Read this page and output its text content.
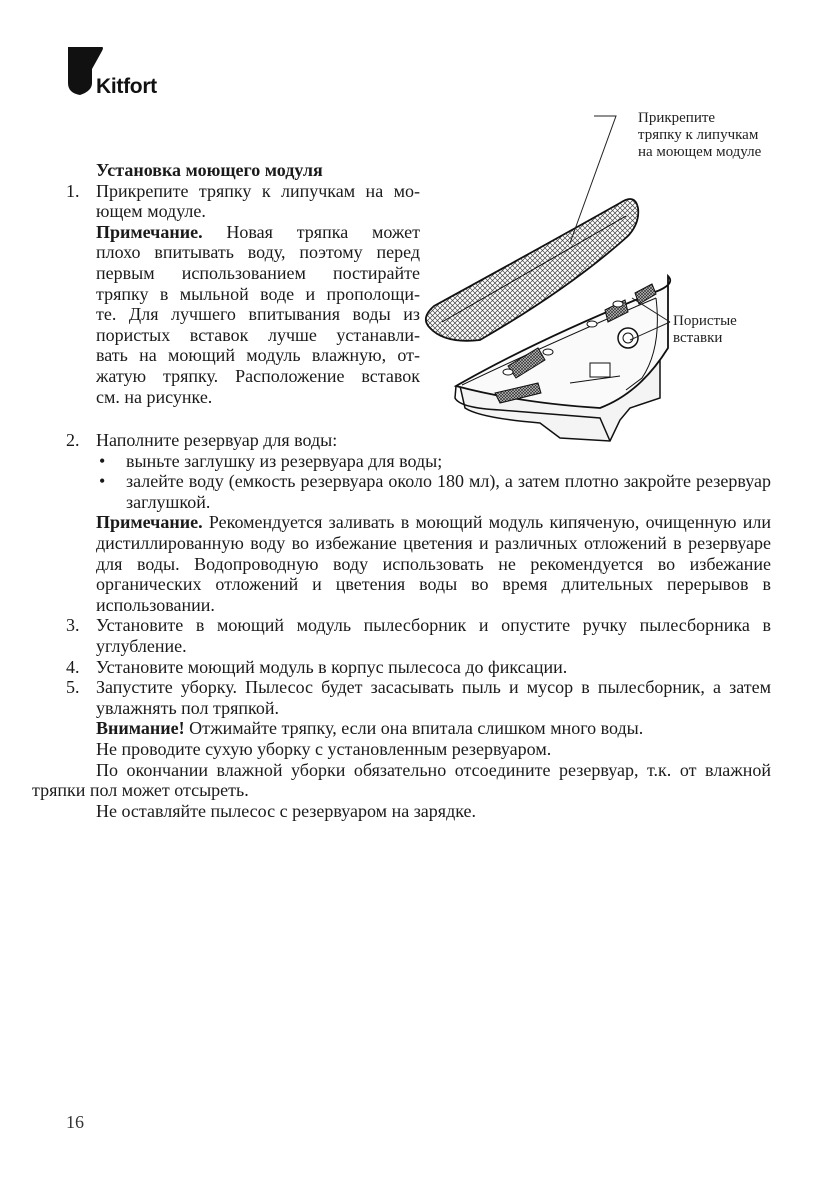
Kitfort
Прикрепите
тряпку к липучкам
на моющем модуле
Пористые
вставки

Установка моющего модуля

1. Прикрепите тряпку к липучкам на мо-

ющем модуле.

Примечание. Новая тряпка может

плохо впитывать воду, поэтому перед

первым использованием постирайте

тряпку в мыльной воде и прополощи-

те. Для лучшего впитывания воды из

пористых вставок лучше устанавли-

вать на моющий модуль влажную, от-

жатую тряпку. Расположение вставок

см. на рисунке.

2. Наполните резервуар для воды:

• выньте заглушку из резервуара для воды;

• залейте воду (емкость резервуара около 180 мл), а затем плотно закройте резервуар заглушкой.

Примечание. Рекомендуется заливать в моющий модуль кипяченую, очищенную или дистиллированную воду во избежание цветения и различных отложений в резервуаре для воды. Водопроводную воду использовать не рекомендуется во избежание органических отложений и цветения воды во время длительных перерывов в использовании.

3. Установите в моющий модуль пылесборник и опустите ручку пылесборника в углубление.

4. Установите моющий модуль в корпус пылесоса до фиксации.

5. Запустите уборку. Пылесос будет засасывать пыль и мусор в пылесборник, а затем увлажнять пол тряпкой.

Внимание! Отжимайте тряпку, если она впитала слишком много воды.

Не проводите сухую уборку с установленным резервуаром.

По окончании влажной уборки обязательно отсоедините резервуар, т.к. от влажной тряпки пол может отсыреть.

Не оставляйте пылесос с резервуаром на зарядке.

16
